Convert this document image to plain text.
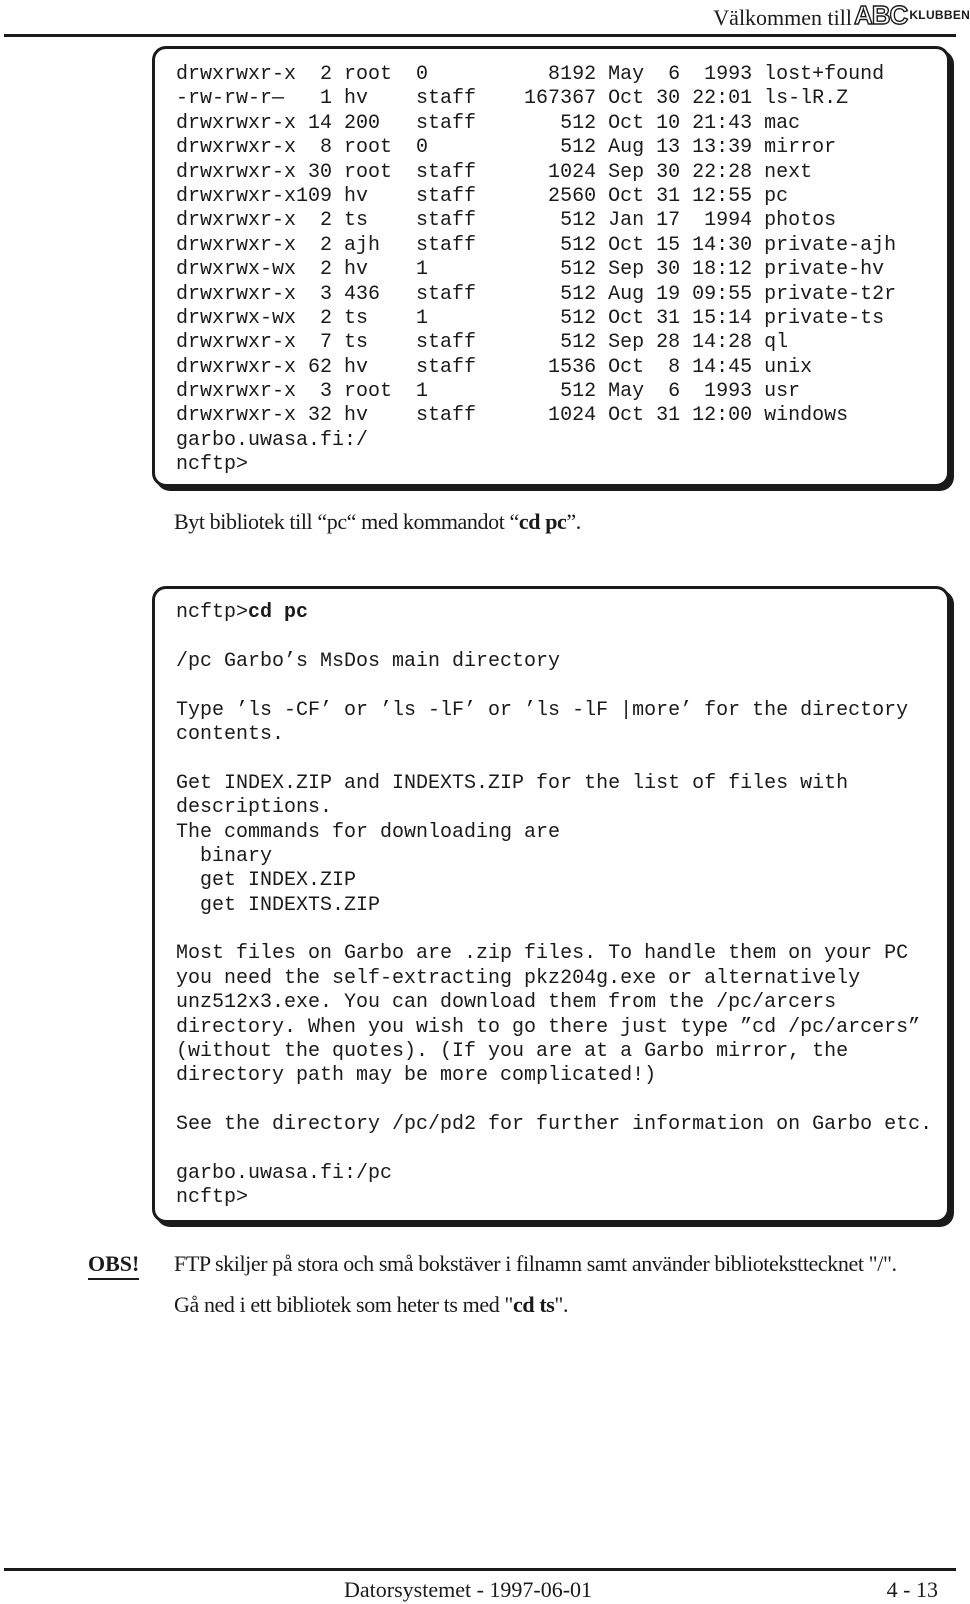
Välkommen till ABC KLUBBEN
drwxrwxr-x  2 root  0          8192 May  6  1993 lost+found
-rw-rw-r—   1 hv    staff    167367 Oct 30 22:01 ls-lR.Z
drwxrwxr-x 14 200   staff       512 Oct 10 21:43 mac
drwxrwxr-x  8 root  0           512 Aug 13 13:39 mirror
drwxrwxr-x 30 root  staff      1024 Sep 30 22:28 next
drwxrwxr-x109 hv    staff      2560 Oct 31 12:55 pc
drwxrwxr-x  2 ts    staff       512 Jan 17  1994 photos
drwxrwxr-x  2 ajh   staff       512 Oct 15 14:30 private-ajh
drwxrwx-wx  2 hv    1           512 Sep 30 18:12 private-hv
drwxrwxr-x  3 436   staff       512 Aug 19 09:55 private-t2r
drwxrwx-wx  2 ts    1           512 Oct 31 15:14 private-ts
drwxrwxr-x  7 ts    staff       512 Sep 28 14:28 ql
drwxrwxr-x 62 hv    staff      1536 Oct  8 14:45 unix
drwxrwxr-x  3 root  1           512 May  6  1993 usr
drwxrwxr-x 32 hv    staff      1024 Oct 31 12:00 windows
garbo.uwasa.fi:/
ncftp>
Byt bibliotek till “pc“ med kommandot “cd pc”.
ncftp>cd pc
/pc Garbo’s MsDos main directory
Type ’ls -CF’ or ’ls -lF’ or ’ls -lF |more’ for the directory
contents.
Get INDEX.ZIP and INDEXTS.ZIP for the list of files with
descriptions.
The commands for downloading are
binary
get INDEX.ZIP
get INDEXTS.ZIP
Most files on Garbo are .zip files. To handle them on your PC
you need the self-extracting pkz204g.exe or alternatively
unz512x3.exe. You can download them from the /pc/arcers
directory. When you wish to go there just type ”cd /pc/arcers”
(without the quotes). (If you are at a Garbo mirror, the
directory path may be more complicated!)
See the directory /pc/pd2 for further information on Garbo etc.
garbo.uwasa.fi:/pc
ncftp>
OBS! FTP skiljer på stora och små bokstäver i filnamn samt använder biblioteksttecknet "/".
Gå ned i ett bibliotek som heter ts med "cd ts".
Datorsystemet - 1997-06-01	4 - 13
